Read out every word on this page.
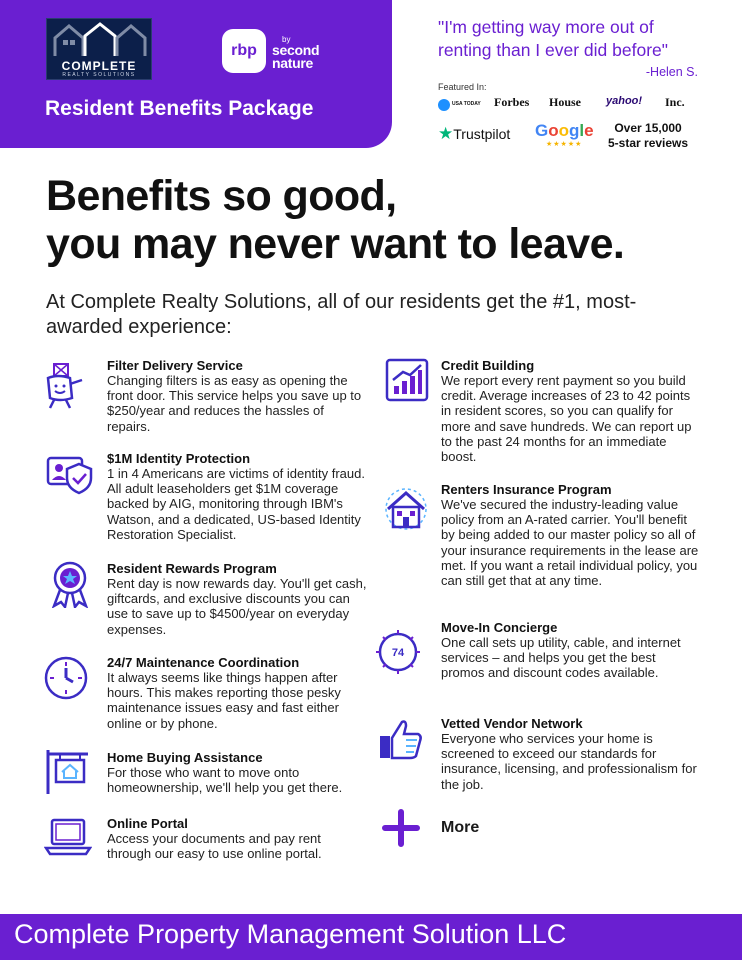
COMPLETE
REALTY SOLUTIONS
rbp
by
second nature
Resident Benefits Package
"I'm getting way more out of renting than I ever did before"
-Helen S.
Featured In:
USA TODAY Forbes House yahoo! Inc.
★Trustpilot Google
★★★★★
Over 15,000
5-star reviews
Benefits so good,
you may never want to leave.
At Complete Realty Solutions, all of our residents get the #1, most-awarded experience:
Filter Delivery Service
Changing filters is as easy as opening the front door. This service helps you save up to $250/year and reduces the hassles of repairs.
$1M Identity Protection
1 in 4 Americans are victims of identity fraud. All adult leaseholders get $1M coverage backed by AIG, monitoring through IBM's Watson, and a dedicated, US-based Identity Restoration Specialist.
Resident Rewards Program
Rent day is now rewards day. You'll get cash, giftcards, and exclusive discounts you can use to save up to $4500/year on everyday expenses.
24/7 Maintenance Coordination
It always seems like things happen after hours. This makes reporting those pesky maintenance issues easy and fast either online or by phone.
Home Buying Assistance
For those who want to move onto homeownership, we'll help you get there.
Online Portal
Access your documents and pay rent through our easy to use online portal.
Credit Building
We report every rent payment so you build credit. Average increases of 23 to 42 points in resident scores, so you can qualify for more and save hundreds. We can report up to the past 24 months for an immediate boost.
Renters Insurance Program
We've secured the industry-leading value policy from an A-rated carrier. You'll benefit by being added to our master policy so all of your insurance requirements in the lease are met. If you want a retail individual policy, you can still get that at any time.
74
Move-In Concierge
One call sets up utility, cable, and internet services – and helps you get the best promos and discount codes available.
Vetted Vendor Network
Everyone who services your home is screened to exceed our standards for insurance, licensing, and professionalism for the job.
More
Complete Property Management Solution LLC
